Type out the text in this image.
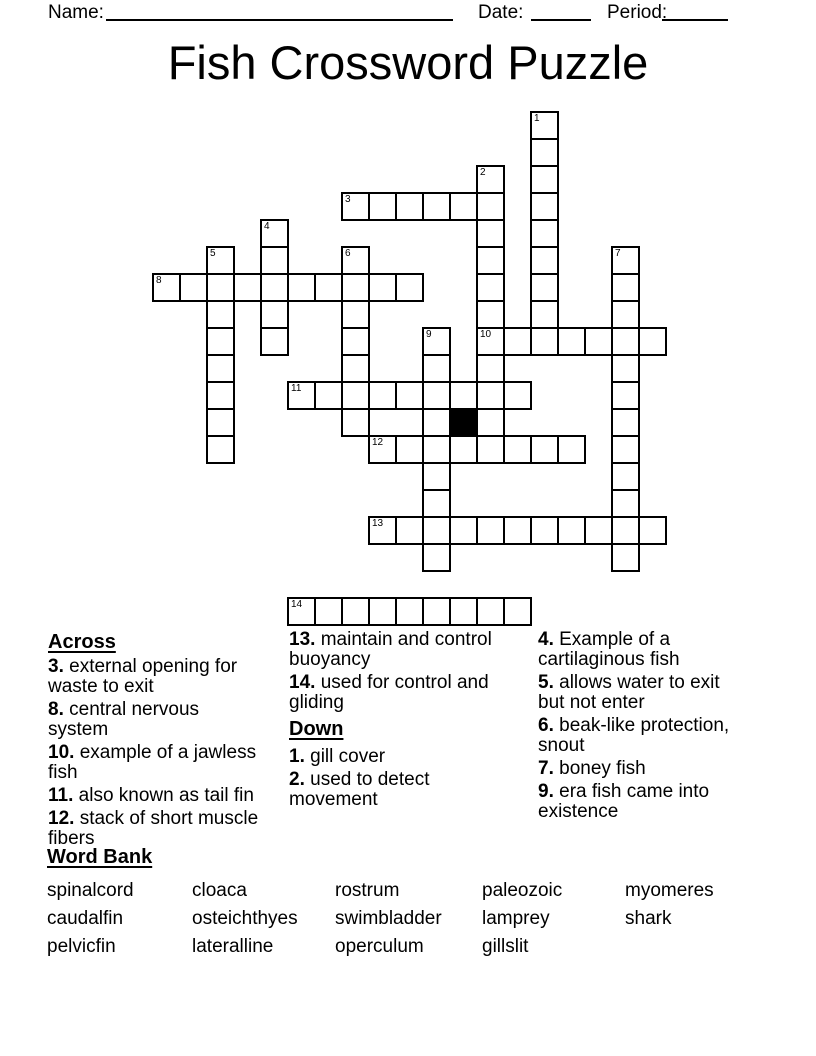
Name:	Date:	Period:
Fish Crossword Puzzle
1
2
10
3
4
5	6	7
8
9
11
12
13
14
Across

3. external opening for waste to exit

8. central nervous system

10. example of a jawless fish

11. also known as tail fin

12. stack of short muscle fibers

13. maintain and control buoyancy

14. used for control and gliding

Down

1. gill cover

2. used to detect movement

4. Example of a cartilaginous fish

5. allows water to exit but not enter

6. beak-like protection, snout

7. boney fish

9. era fish came into existence

Word Bank
spinalcord	cloaca	rostrum	paleozoic	myomeres
caudalfin	osteichthyes	swimbladder	lamprey	shark
pelvicfin	lateralline	operculum	gillslit
